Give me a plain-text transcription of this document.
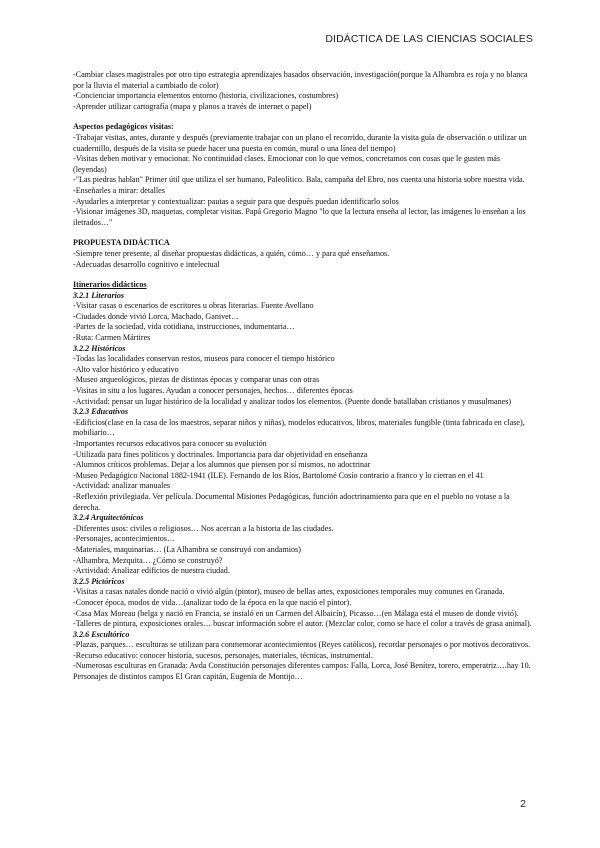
DIDÁCTICA DE LAS CIENCIAS SOCIALES

-Cambiar clases magistrales por otro tipo estrategia aprendizajes basados observación, investigación(porque la Alhambra es roja y no blanca por la lluvia el material a cambiado de color)

-Concienciar importancia elementos entorno (historia, civilizaciones, costumbres)

-Aprender utilizar cartografía (mapa y planos a través de internet o papel)

Aspectos pedagógicos visitas:

-Trabajar visitas, antes, durante y después (previamente trabajar con un plano el recorrido, durante la visita guía de observación o utilizar un cuadernillo, después de la visita se puede hacer una puesta en común, mural o una línea del tiempo)

-Visitas deben motivar y emocionar. No continuidad clases. Emocionar con lo que vemos, concretamos con cosas que le gusten más (leyendas)

-"Las piedras hablan" Primer útil que utiliza el ser humano, Paleolítico. Bala, campaña del Ebro, nos cuenta una historia sobre nuestra vida.

-Enseñarles a mirar: detalles

-Ayudarles a interpretar y contextualizar: pautas a seguir para que después puedan identificarlo solos

-Visionar imágenes 3D, maquetas, completar visitas. Papá Gregorio Magno "lo que la lectura enseña al lector, las imágenes lo enseñan a los iletrados…"

PROPUESTA DIDÁCTICA

-Siempre tener presente, al diseñar propuestas didácticas, a quién, cómo… y para qué enseñamos.

-Adecuadas desarrollo cognitivo e intelectual

Itinerarios didácticos

3.2.1 Literarios

-Visitar casas o escenarios de escritores u obras literarias. Fuente Avellano

-Ciudades donde vivió Lorca, Machado, Ganivet…

-Partes de la sociedad, vida cotidiana, instrucciones, indumentaria…

-Ruta: Carmen Mártires

3.2.2 Históricos

-Todas las localidades conservan restos, museos para conocer el tiempo histórico

-Alto valor histórico y educativo

-Museo arqueológicos, piezas de distintas épocas y comparar unas con otras

-Visitas in situ a los lugares. Ayudan a conocer personajes, hechos… diferentes épocas

-Actividad: pensar un lugar histórico de la localidad y analizar todos los elementos. (Puente donde batallaban cristianos y musulmanes)

3.2.3 Educativos

-Edificios(clase en la casa de los maestros, separar niños y niñas), modelos educativos, libros, materiales fungible (tinta fabricada en clase), mobiliario…

-Importantes recursos educativos para conocer su evolución

-Utilizada para fines políticos y doctrinales. Importancia para dar objetividad en enseñanza

-Alumnos críticos problemas. Dejar a los alumnos que piensen por sí mismos, no adoctrinar

-Museo Pedagógico Nacional 1882-1941 (ILE). Fernando de los Ríos, Bartolomé Cosío contrario a franco y lo cierran en el 41

-Actividad: analizar manuales

-Reflexión privilegiada. Ver película. Documental Misiones Pedagógicas, función adoctrinamiento para que en el pueblo no votase a la derecha.

3.2.4 Arquitectónicos

-Diferentes usos: civiles o religiosos… Nos acercan a la historia de las ciudades.

-Personajes, acontecimientos…

-Materiales, maquinarias… (La Alhambra se construyó con andamios)

-Alhambra, Mezquita… ¿Cómo se construyó?

-Actividad: Analizar edificios de nuestra ciudad.

3.2.5 Pictóricos

-Visitas a casas natales donde nació o vivió algún (pintor), museo de bellas artes, exposiciones temporales muy comunes en Granada.

-Conocer época, modos de vida…(analizar todo de la época en la que nació el pintor).

-Casa Max Moreau (belga y nació en Francia, se instaló en un Carmen del Albaicín), Picasso…(en Málaga está el museo de donde vivió).

-Talleres de pintura, exposiciones orales… buscar información sobre el autor. (Mezclar color, como se hace el color a través de grasa animal).

3.2.6 Escultórico

-Plazas, parques… esculturas se utilizan para conmemorar acontecimientos (Reyes católicos), recordar personajes o por motivos decorativos.

-Recurso educativo: conocer historia, sucesos, personajes, materiales, técnicas, instrumental.

-Numerosas esculturas en Granada: Avda Constitución personajes diferentes campos: Falla, Lorca, José Benítez, torero, emperatriz….hay 10. Personajes de distintos campos El Gran capitán, Eugenia de Montijo…

2
